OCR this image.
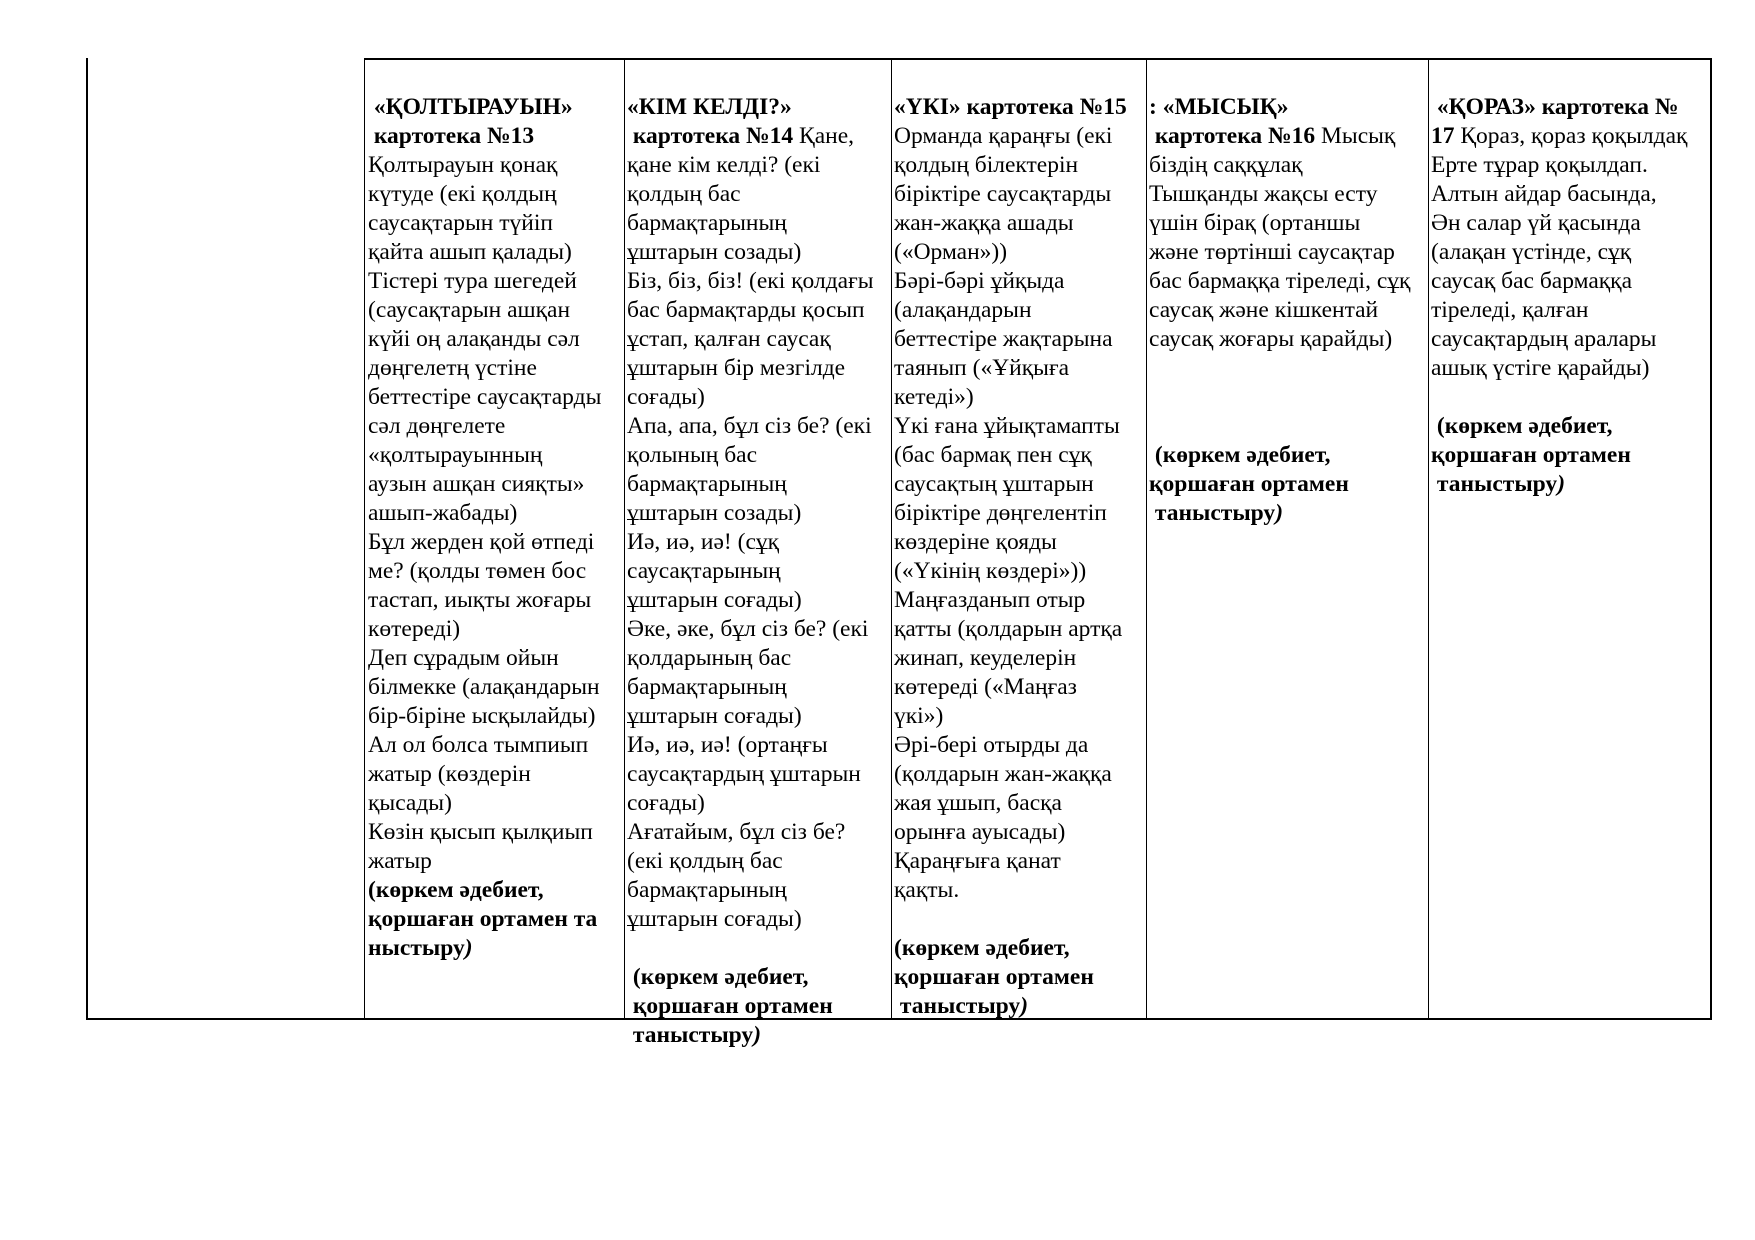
«ҚОЛТЫРАУЫН»
картотека №13
Қолтырауын қонақ
күтуде (екі қолдың
саусақтарын түйіп
қайта ашып қалады)
Тістері тура шегедей
(саусақтарын ашқан
күйі оң алақанды сәл
дөңгелетң үстіне
беттестіре саусақтарды
сәл дөңгелете
«қолтырауынның
аузын ашқан сияқты»
ашып-жабады)
Бұл жерден қой өтпеді
ме? (қолды төмен бос
тастап, иықты жоғары
көтереді)
Деп сұрадым ойын
білмекке (алақандарын
бір-біріне ысқылайды)
Ал ол болса тымпиып
жатыр (көздерін
қысады)
Көзін қысып қылқиып
жатыр
(көркем әдебиет,
қоршаған ортамен та
ныстыру)

«КІМ КЕЛДІ?»
картотека №14 Қане,
қане кім келді? (екі
қолдың бас
бармақтарының
ұштарын созады)
Біз, біз, біз! (екі қолдағы
бас бармақтарды қосып
ұстап, қалған саусақ
ұштарын бір мезгілде
соғады)
Апа, апа, бұл сіз бе? (екі
қолының бас
бармақтарының
ұштарын созады)
Иә, иә, иә! (сұқ
саусақтарының
ұштарын соғады)
Әке, әке, бұл сіз бе? (екі
қолдарының бас
бармақтарының
ұштарын соғады)
Иә, иә, иә! (ортаңғы
саусақтардың ұштарын
соғады)
Ағатайым, бұл сіз бе?
(екі қолдың бас
бармақтарының
ұштарын соғады)

(көркем әдебиет,
қоршаған ортамен
таныстыру)

«ҮКІ» картотека №15
Орманда қараңғы (екі
қолдың білектерін
біріктіре саусақтарды
жан-жаққа ашады
(«Орман»))
Бәрі-бәрі ұйқыда
(алақандарын
беттестіре жақтарына
таянып («Ұйқыға
кетеді»)
Үкі ғана ұйықтамапты
(бас бармақ пен сұқ
саусақтың ұштарын
біріктіре дөңгелентіп
көздеріне қояды
(«Үкінің көздері»))
Маңғазданып отыр
қатты (қолдарын артқа
жинап, кеуделерін
көтереді («Маңғаз
үкі»)
Әрі-бері отырды да
(қолдарын жан-жаққа
жая ұшып, басқа
орынға ауысады)
Қараңғыға қанат
қақты.

(көркем әдебиет,
қоршаған ортамен
таныстыру)

: «МЫСЫҚ»
картотека №16 Мысық
біздің саққұлақ
Тышқанды жақсы есту
үшін бірақ (ортаншы
және төртінші саусақтар
бас бармаққа тіреледі, сұқ
саусақ және кішкентай
саусақ жоғары қарайды)

(көркем әдебиет,
қоршаған ортамен
таныстыру)

«ҚОРАЗ» картотека №
17 Қораз, қораз қоқылдақ
Ерте тұрар қоқылдап.
Алтын айдар басында,
Ән салар үй қасында
(алақан үстінде, сұқ
саусақ бас бармаққа
тіреледі, қалған
саусақтардың аралары
ашық үстіге қарайды)

(көркем әдебиет,
қоршаған ортамен
таныстыру)
